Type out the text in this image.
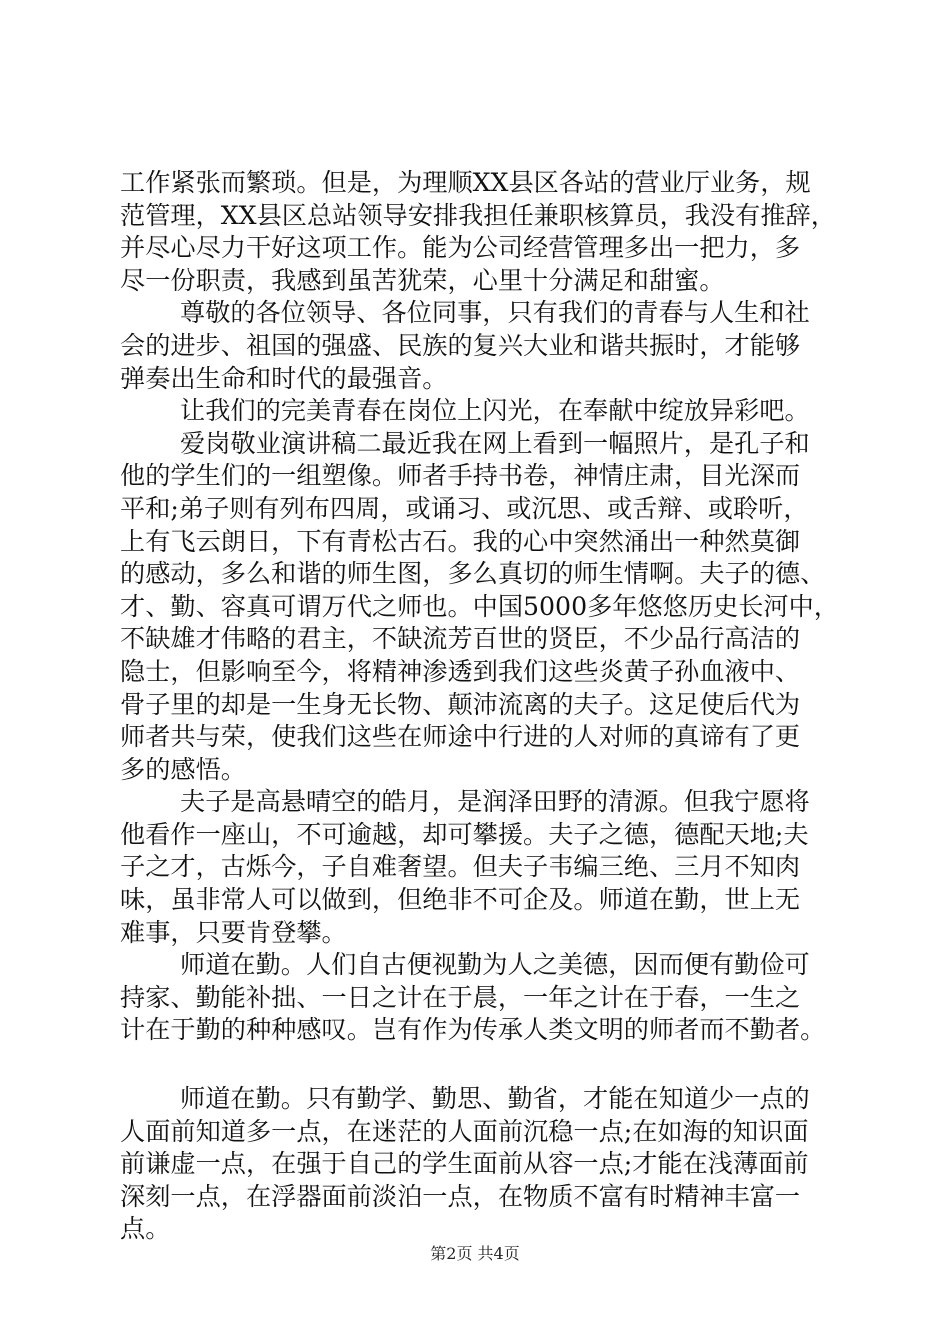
工作紧张而繁琐。但是，为理顺XX县区各站的营业厅业务，规
范管理，XX县区总站领导安排我担任兼职核算员，我没有推辞，
并尽心尽力干好这项工作。能为公司经营管理多出一把力，多
尽一份职责，我感到虽苦犹荣，心里十分满足和甜蜜。
尊敬的各位领导、各位同事，只有我们的青春与人生和社
会的进步、祖国的强盛、民族的复兴大业和谐共振时，才能够
弹奏出生命和时代的最强音。
让我们的完美青春在岗位上闪光，在奉献中绽放异彩吧。
爱岗敬业演讲稿二最近我在网上看到一幅照片，是孔子和
他的学生们的一组塑像。师者手持书卷，神情庄肃，目光深而
平和;弟子则有列布四周，或诵习、或沉思、或舌辩、或聆听，
上有飞云朗日，下有青松古石。我的心中突然涌出一种然莫御
的感动，多么和谐的师生图，多么真切的师生情啊。夫子的德、
才、勤、容真可谓万代之师也。中国5000多年悠悠历史长河中，
不缺雄才伟略的君主，不缺流芳百世的贤臣，不少品行高洁的
隐士，但影响至今，将精神渗透到我们这些炎黄子孙血液中、
骨子里的却是一生身无长物、颠沛流离的夫子。这足使后代为
师者共与荣，使我们这些在师途中行进的人对师的真谛有了更
多的感悟。
夫子是高悬晴空的皓月，是润泽田野的清源。但我宁愿将
他看作一座山，不可逾越，却可攀援。夫子之德，德配天地;夫
子之才，古烁今，子自难奢望。但夫子韦编三绝、三月不知肉
味，虽非常人可以做到，但绝非不可企及。师道在勤，世上无
难事，只要肯登攀。
师道在勤。人们自古便视勤为人之美德，因而便有勤俭可
持家、勤能补拙、一日之计在于晨，一年之计在于春，一生之
计在于勤的种种感叹。岂有作为传承人类文明的师者而不勤者。
师道在勤。只有勤学、勤思、勤省，才能在知道少一点的
人面前知道多一点，在迷茫的人面前沉稳一点;在如海的知识面
前谦虚一点，在强于自己的学生面前从容一点;才能在浅薄面前
深刻一点，在浮器面前淡泊一点，在物质不富有时精神丰富一
点。
第2页 共4页
